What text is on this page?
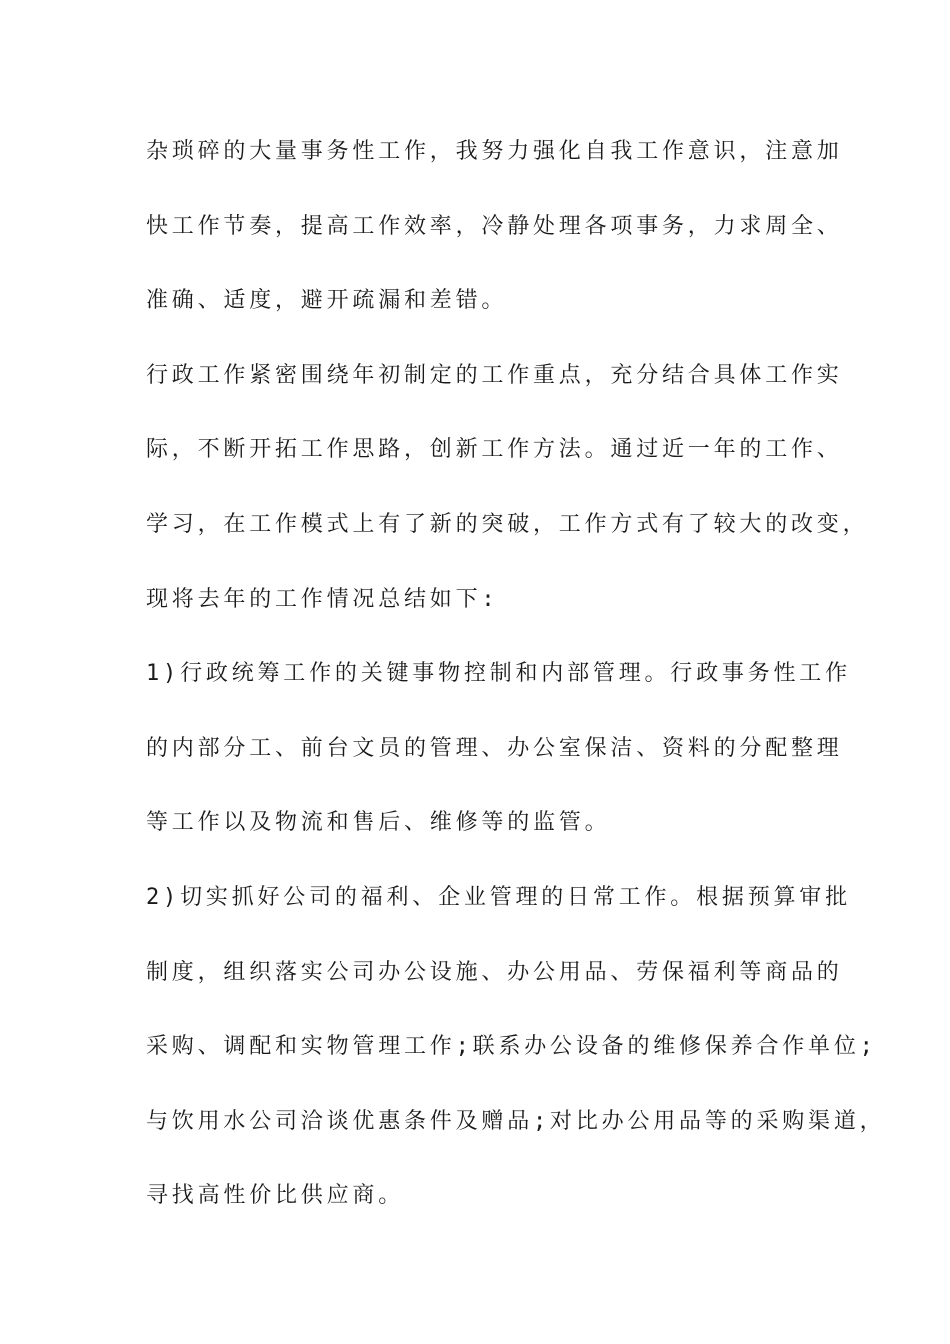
杂琐碎的大量事务性工作，我努力强化自我工作意识，注意加
快工作节奏，提高工作效率，冷静处理各项事务，力求周全、
准确、适度，避开疏漏和差错。
行政工作紧密围绕年初制定的工作重点，充分结合具体工作实
际，不断开拓工作思路，创新工作方法。通过近一年的工作、
学习，在工作模式上有了新的突破，工作方式有了较大的改变，
现将去年的工作情况总结如下:
1)行政统筹工作的关键事物控制和内部管理。行政事务性工作
的内部分工、前台文员的管理、办公室保洁、资料的分配整理
等工作以及物流和售后、维修等的监管。
2)切实抓好公司的福利、企业管理的日常工作。根据预算审批
制度，组织落实公司办公设施、办公用品、劳保福利等商品的
采购、调配和实物管理工作;联系办公设备的维修保养合作单位;
与饮用水公司洽谈优惠条件及赠品;对比办公用品等的采购渠道，
寻找高性价比供应商。
